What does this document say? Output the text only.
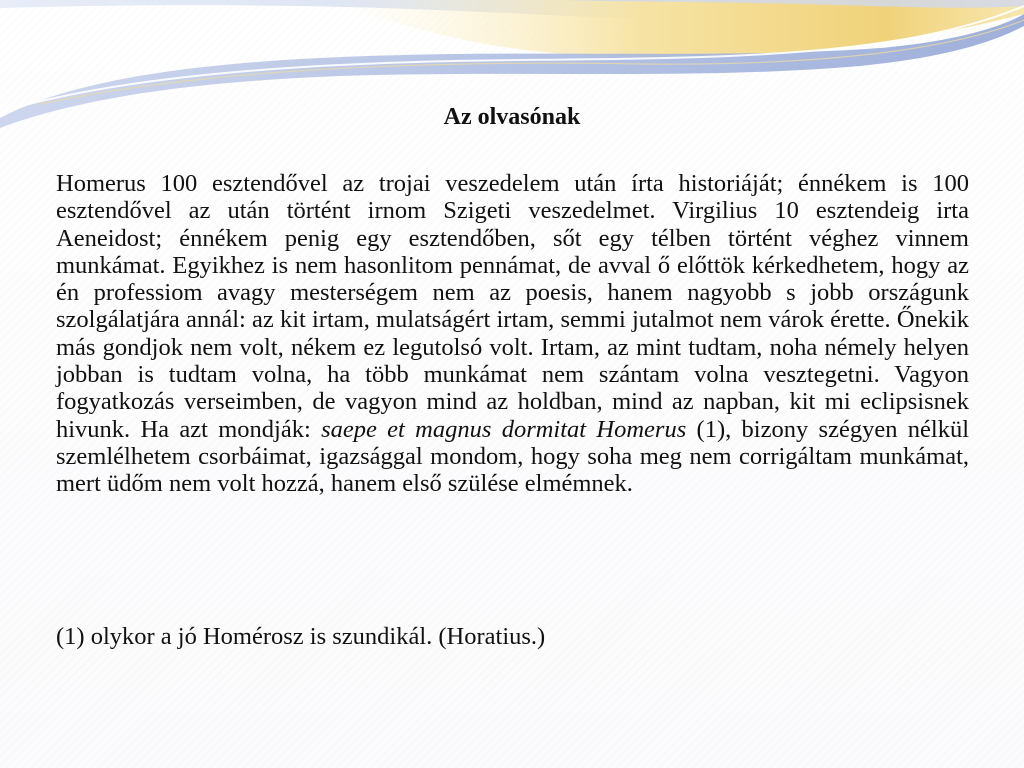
Az olvasónak

Homerus 100 esztendővel az trojai veszedelem után írta historiáját; énnékem is 100 esztendővel az után történt irnom Szigeti veszedelmet. Virgilius 10 esztendeig irta Aeneidost; énnékem penig egy esztendőben, sőt egy télben történt véghez vinnem munkámat. Egyikhez is nem hasonlitom pennámat, de avval ő előttök kérkedhetem, hogy az én professiom avagy mesterségem nem az poesis, hanem nagyobb s jobb országunk szolgálatjára annál: az kit irtam, mulatságért irtam, semmi jutalmot nem várok érette. Őnekik más gondjok nem volt, nékem ez legutolsó volt. Irtam, az mint tudtam, noha némely helyen jobban is tudtam volna, ha több munkámat nem szántam volna vesztegetni. Vagyon fogyatkozás verseimben, de vagyon mind az holdban, mind az napban, kit mi eclipsisnek hivunk. Ha azt mondják: saepe et magnus dormitat Homerus (1), bizony szégyen nélkül szemlélhetem csorbáimat, igazsággal mondom, hogy soha meg nem corrigáltam munkámat, mert üdőm nem volt hozzá, hanem első szülése elmémnek.

(1) olykor a jó Homérosz is szundikál. (Horatius.)
